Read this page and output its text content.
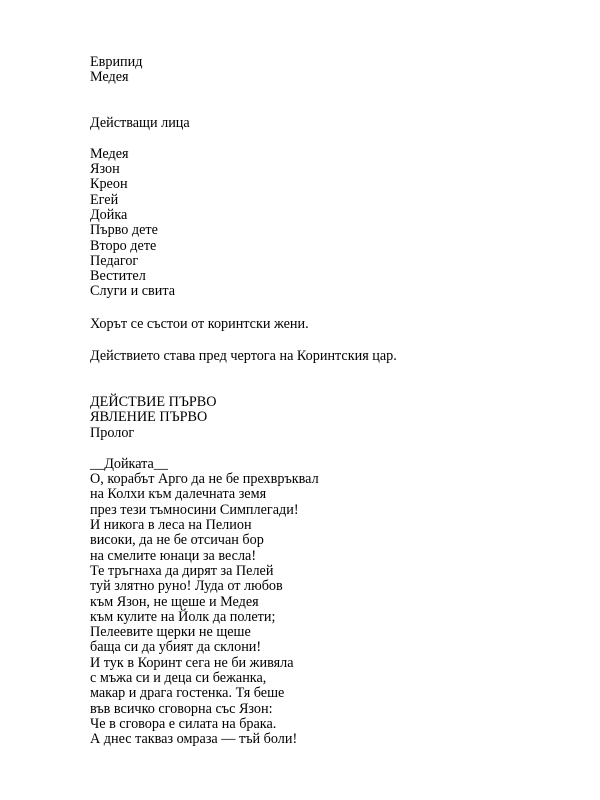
Еврипид
Медея
Действащи лица
Медея
Язон
Креон
Егей
Дойка
Първо дете
Второ дете
Педагог
Вестител
Слуги и свита
Хорът се състои от коринтски жени.
Действието става пред чертога на Коринтския цар.
ДЕЙСТВИЕ ПЪРВО
ЯВЛЕНИЕ ПЪРВО
Пролог
__Дойката__
О, корабът Арго да не бе прехвръквал
на Колхи към далечната земя
през тези тъмносини Симплегади!
И никога в леса на Пелион
високи, да не бе отсичан бор
на смелите юнаци за весла!
Те тръгнаха да дирят за Пелей
туй злятно руно! Луда от любов
към Язон, не щеше и Медея
към кулите на Йолк да полети;
Пелеевите щерки не щеше
баща си да убият да склони!
И тук в Коринт сега не би живяла
с мъжа си и деца си бежанка,
макар и драга гостенка. Тя беше
във всичко сговорна със Язон:
Че в сговора е силата на брака.
А днес такваз омраза — тъй боли!
